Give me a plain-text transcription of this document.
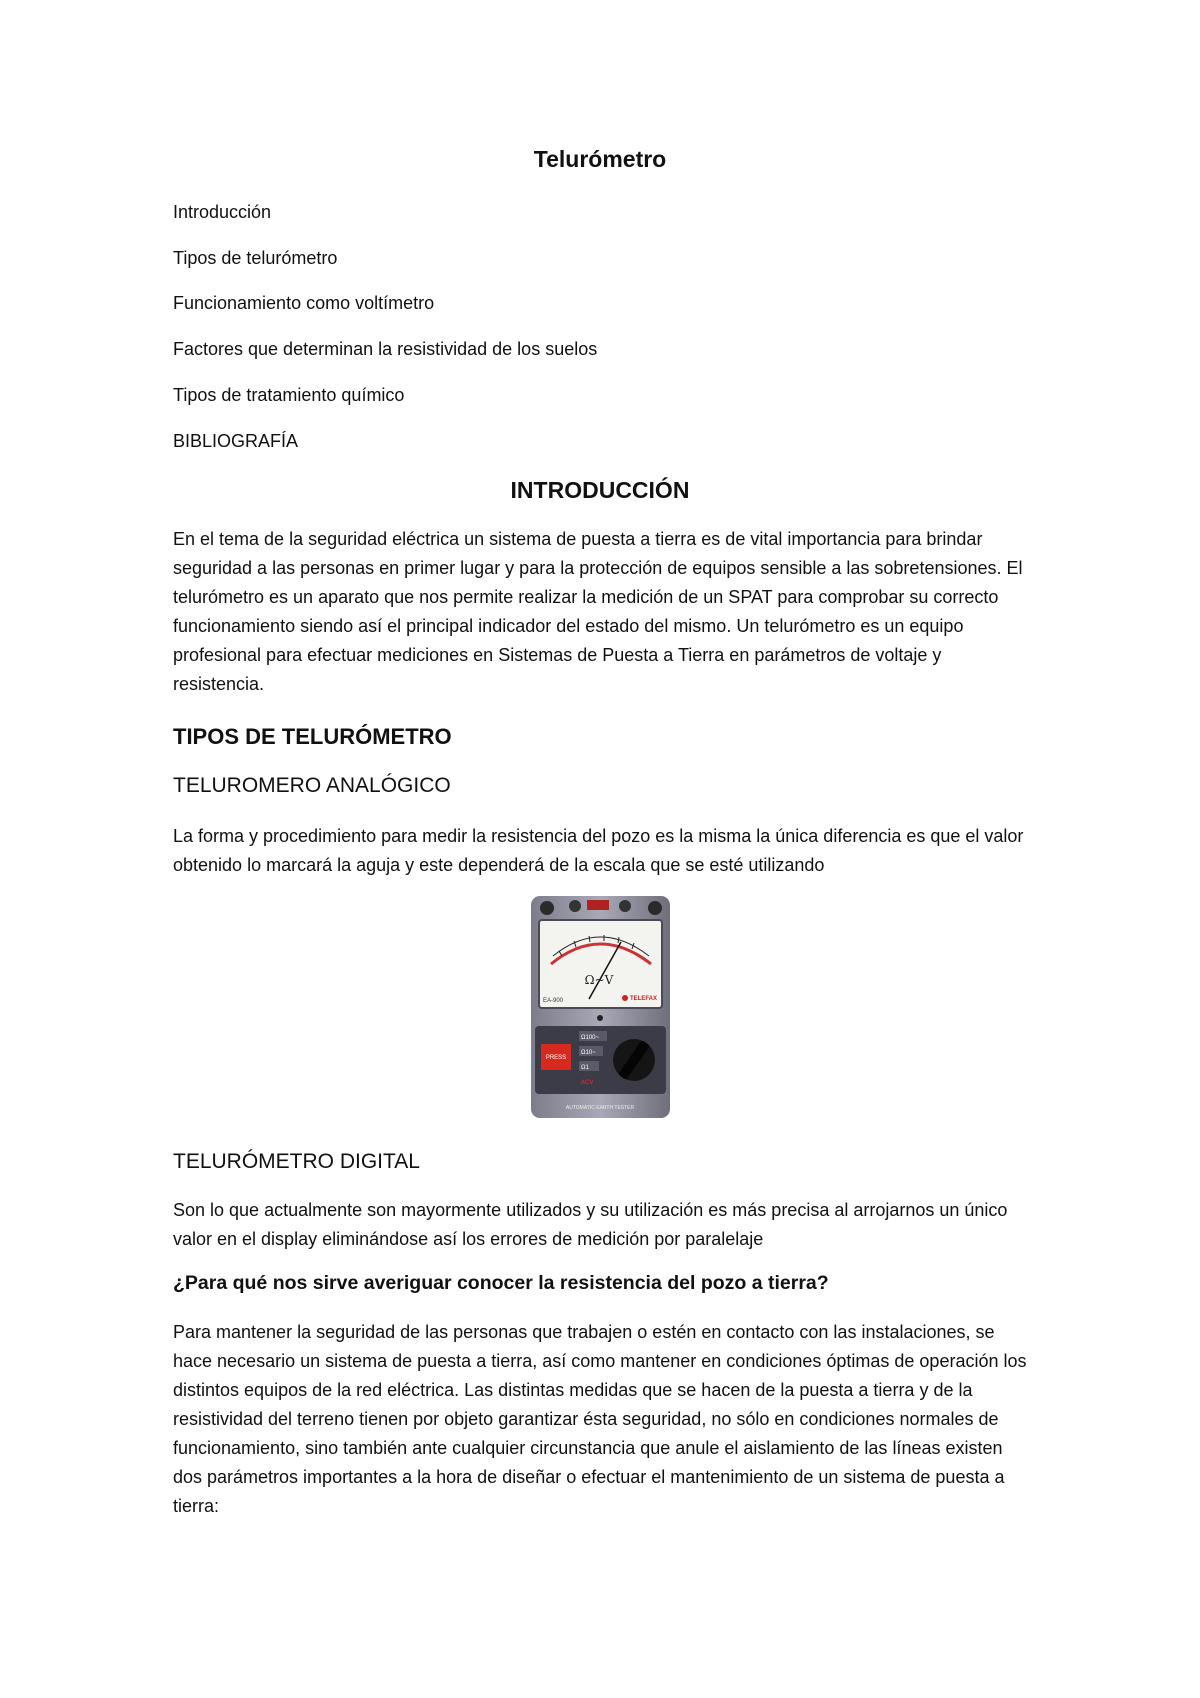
Telurómetro
Introducción
Tipos de telurómetro
Funcionamiento como voltímetro
Factores que determinan la resistividad de los suelos
Tipos de tratamiento químico
BIBLIOGRAFÍA
INTRODUCCIÓN

En el tema de la seguridad eléctrica un sistema de puesta a tierra es de vital importancia para brindar seguridad a las personas en primer lugar y para la protección de equipos sensible a las sobretensiones. El telurómetro es un aparato que nos permite realizar la medición de un SPAT para comprobar su correcto funcionamiento siendo así el principal indicador del estado del mismo. Un telurómetro es un equipo profesional para efectuar mediciones en Sistemas de Puesta a Tierra en parámetros de voltaje y resistencia.

TIPOS DE TELURÓMETRO
TELUROMERO ANALÓGICO

La forma y procedimiento para medir la resistencia del pozo es la misma la única diferencia es que el valor obtenido lo marcará la aguja y este dependerá de la escala que se esté utilizando

Ω~V
EA-900	TELEFAX
PRESS
Ω100~
Ω10~
Ω1
ACV
AUTOMATIC EARTH TESTER
TELURÓMETRO DIGITAL

Son lo que actualmente son mayormente utilizados y su utilización es más precisa al arrojarnos un único valor en el display eliminándose así los errores de medición por paralelaje

¿Para qué nos sirve averiguar conocer la resistencia del pozo a tierra?

Para mantener la seguridad de las personas que trabajen o estén en contacto con las instalaciones, se hace necesario un sistema de puesta a tierra, así como mantener en condiciones óptimas de operación los distintos equipos de la red eléctrica. Las distintas medidas que se hacen de la puesta a tierra y de la resistividad del terreno tienen por objeto garantizar ésta seguridad, no sólo en condiciones normales de funcionamiento, sino también ante cualquier circunstancia que anule el aislamiento de las líneas existen dos parámetros importantes a la hora de diseñar o efectuar el mantenimiento de un sistema de puesta a tierra:
